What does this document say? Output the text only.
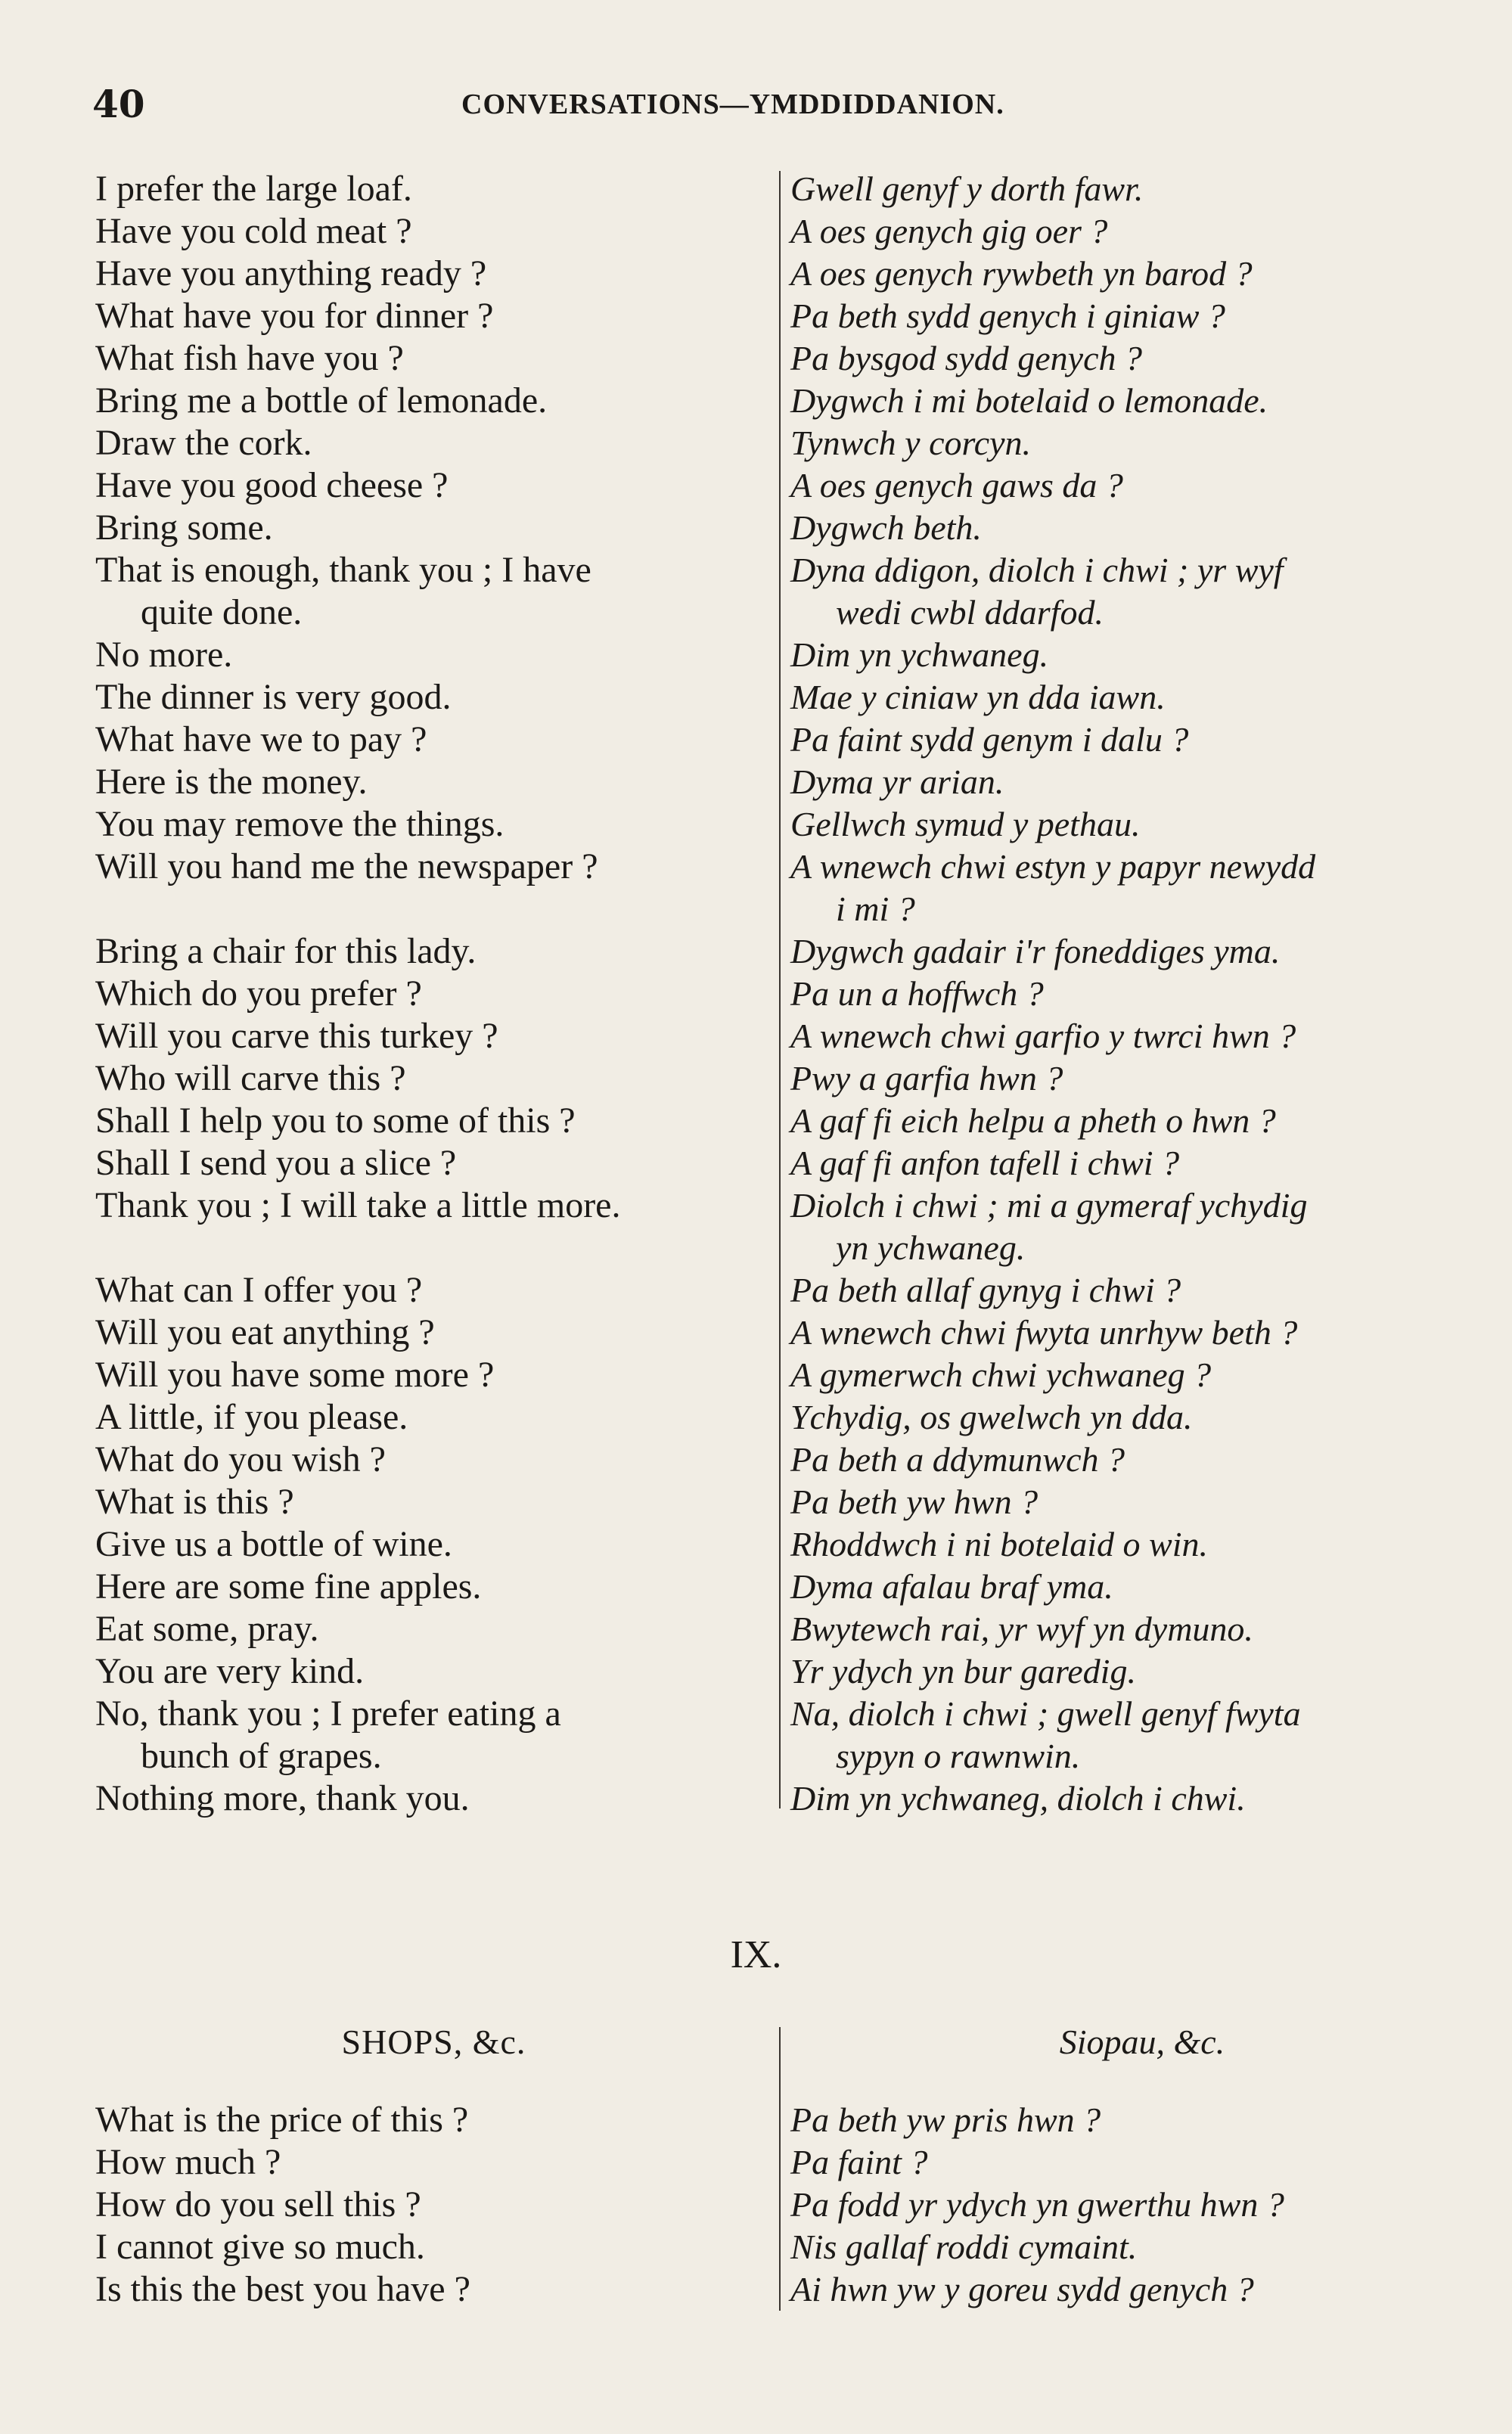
40	CONVERSATIONS—YMDDIDDANION.
I prefer the large loaf.
Have you cold meat ?
Have you anything ready ?
What have you for dinner ?
What fish have you ?
Bring me a bottle of lemonade.
Draw the cork.
Have you good cheese ?
Bring some.
That is enough, thank you ; I have
quite done.
No more.
The dinner is very good.
What have we to pay ?
Here is the money.
You may remove the things.
Will you hand me the newspaper ?
Bring a chair for this lady.
Which do you prefer ?
Will you carve this turkey ?
Who will carve this ?
Shall I help you to some of this ?
Shall I send you a slice ?
Thank you ; I will take a little more.
What can I offer you ?
Will you eat anything ?
Will you have some more ?
A little, if you please.
What do you wish ?
What is this ?
Give us a bottle of wine.
Here are some fine apples.
Eat some, pray.
You are very kind.
No, thank you ; I prefer eating a
bunch of grapes.
Nothing more, thank you.
Gwell genyf y dorth fawr.
A oes genych gig oer ?
A oes genych rywbeth yn barod ?
Pa beth sydd genych i giniaw ?
Pa bysgod sydd genych ?
Dygwch i mi botelaid o lemonade.
Tynwch y corcyn.
A oes genych gaws da ?
Dygwch beth.
Dyna ddigon, diolch i chwi ; yr wyf
wedi cwbl ddarfod.
Dim yn ychwaneg.
Mae y ciniaw yn dda iawn.
Pa faint sydd genym i dalu ?
Dyma yr arian.
Gellwch symud y pethau.
A wnewch chwi estyn y papyr newydd
i mi ?
Dygwch gadair i'r foneddiges yma.
Pa un a hoffwch ?
A wnewch chwi garfio y twrci hwn ?
Pwy a garfia hwn ?
A gaf fi eich helpu a pheth o hwn ?
A gaf fi anfon tafell i chwi ?
Diolch i chwi ; mi a gymeraf ychydig
yn ychwaneg.
Pa beth allaf gynyg i chwi ?
A wnewch chwi fwyta unrhyw beth ?
A gymerwch chwi ychwaneg ?
Ychydig, os gwelwch yn dda.
Pa beth a ddymunwch ?
Pa beth yw hwn ?
Rhoddwch i ni botelaid o win.
Dyma afalau braf yma.
Bwytewch rai, yr wyf yn dymuno.
Yr ydych yn bur garedig.
Na, diolch i chwi ; gwell genyf fwyta
sypyn o rawnwin.
Dim yn ychwaneg, diolch i chwi.
IX.
SHOPS, &c.	Siopau, &c.
What is the price of this ?
How much ?
How do you sell this ?
I cannot give so much.
Is this the best you have ?
Pa beth yw pris hwn ?
Pa faint ?
Pa fodd yr ydych yn gwerthu hwn ?
Nis gallaf roddi cymaint.
Ai hwn yw y goreu sydd genych ?
